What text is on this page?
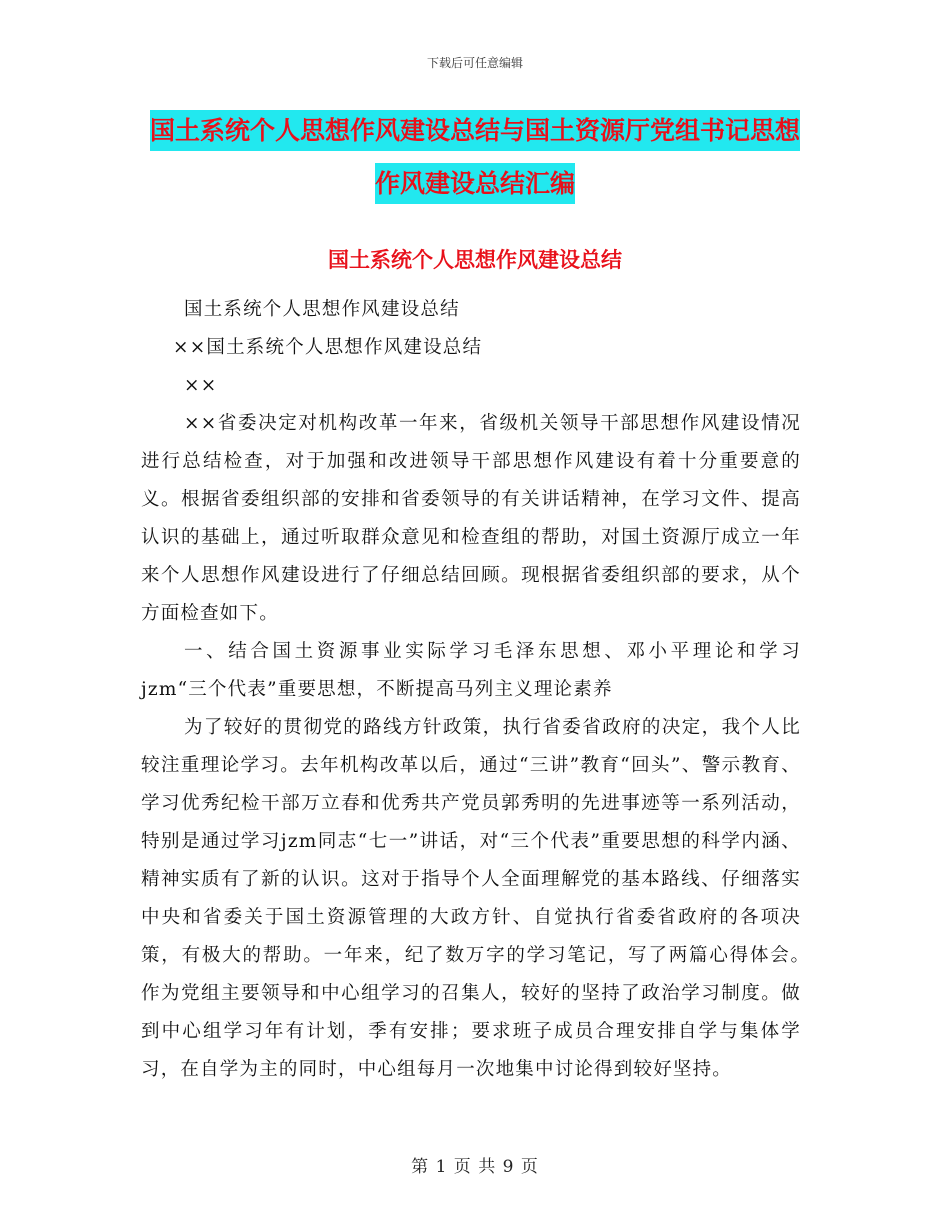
下载后可任意编辑
国土系统个人思想作风建设总结与国土资源厅党组书记思想作风建设总结汇编
国土系统个人思想作风建设总结

国土系统个人思想作风建设总结

××国土系统个人思想作风建设总结

××

××省委决定对机构改革一年来，省级机关领导干部思想作风建设情况进行总结检查，对于加强和改进领导干部思想作风建设有着十分重要意的义。根据省委组织部的安排和省委领导的有关讲话精神，在学习文件、提高认识的基础上，通过听取群众意见和检查组的帮助，对国土资源厅成立一年来个人思想作风建设进行了仔细总结回顾。现根据省委组织部的要求，从个方面检查如下。

一、结合国土资源事业实际学习毛泽东思想、邓小平理论和学习jzm“三个代表”重要思想，不断提高马列主义理论素养

为了较好的贯彻党的路线方针政策，执行省委省政府的决定，我个人比较注重理论学习。去年机构改革以后，通过“三讲”教育“回头”、警示教育、学习优秀纪检干部万立春和优秀共产党员郭秀明的先进事迹等一系列活动，特别是通过学习jzm同志“七一”讲话，对“三个代表”重要思想的科学内涵、精神实质有了新的认识。这对于指导个人全面理解党的基本路线、仔细落实中央和省委关于国土资源管理的大政方针、自觉执行省委省政府的各项决策，有极大的帮助。一年来，纪了数万字的学习笔记，写了两篇心得体会。　　作为党组主要领导和中心组学习的召集人，较好的坚持了政治学习制度。做到中心组学习年有计划，季有安排；要求班子成员合理安排自学与集体学习，在自学为主的同时，中心组每月一次地集中讨论得到较好坚持。

第 1 页 共 9 页
